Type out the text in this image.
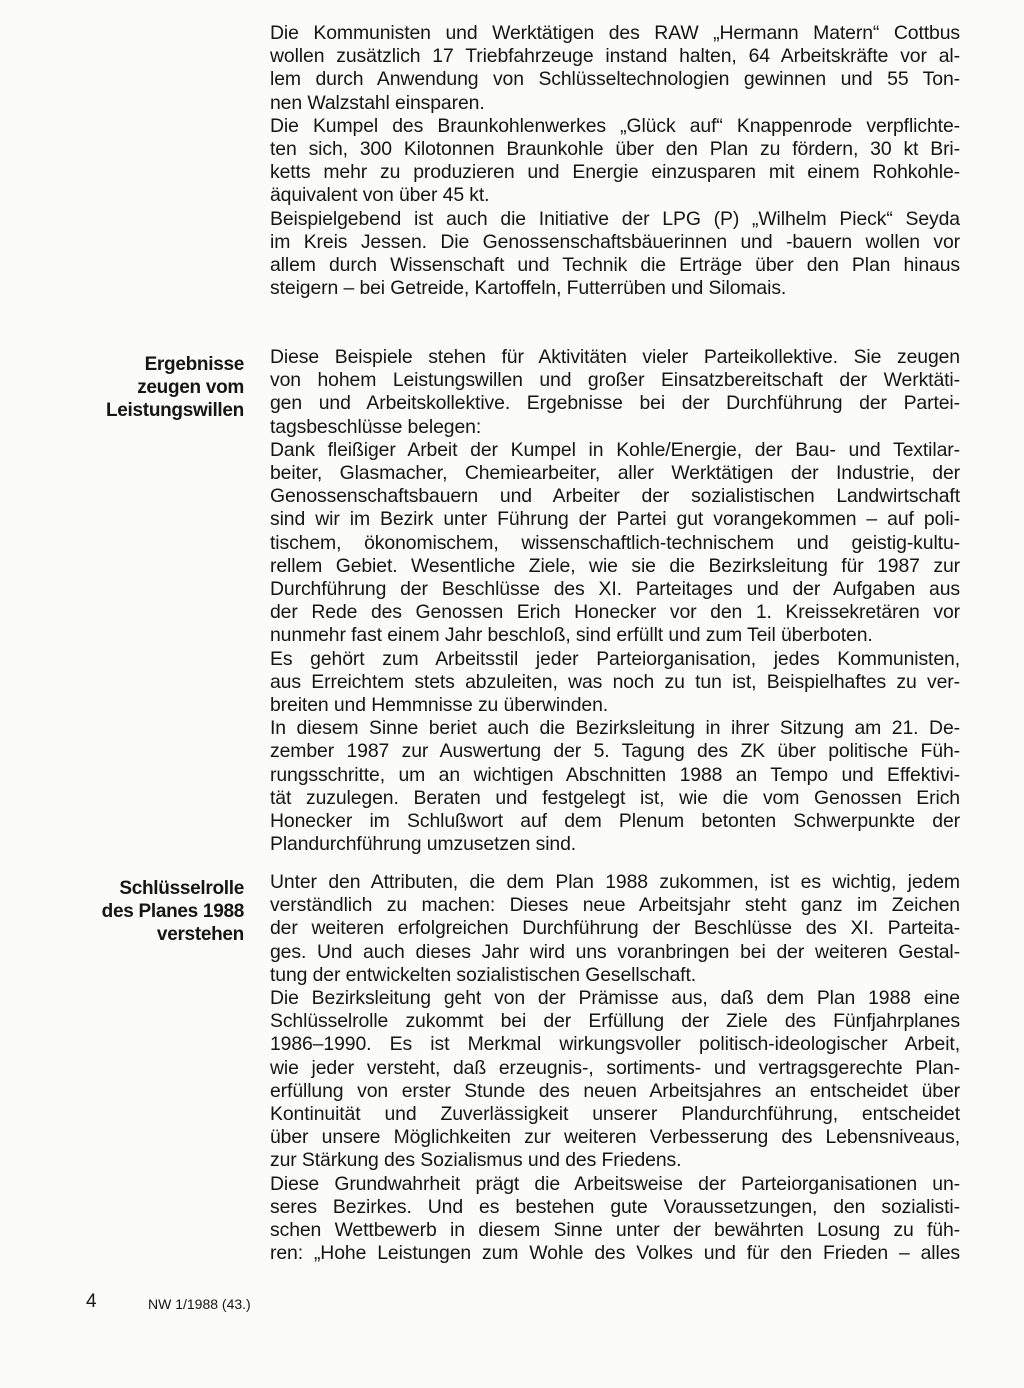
Die Kommunisten und Werktätigen des RAW „Hermann Matern“ Cottbus
wollen zusätzlich 17 Triebfahrzeuge instand halten, 64 Arbeitskräfte vor al-
lem durch Anwendung von Schlüsseltechnologien gewinnen und 55 Ton-
nen Walzstahl einsparen.
Die Kumpel des Braunkohlenwerkes „Glück auf“ Knappenrode verpflichte-
ten sich, 300 Kilotonnen Braunkohle über den Plan zu fördern, 30 kt Bri-
ketts mehr zu produzieren und Energie einzusparen mit einem Rohkohle-
äquivalent von über 45 kt.
Beispielgebend ist auch die Initiative der LPG (P) „Wilhelm Pieck“ Seyda
im Kreis Jessen. Die Genossenschaftsbäuerinnen und -bauern wollen vor
allem durch Wissenschaft und Technik die Erträge über den Plan hinaus
steigern – bei Getreide, Kartoffeln, Futterrüben und Silomais.
Ergebnisse
zeugen vom
Leistungswillen
Diese Beispiele stehen für Aktivitäten vieler Parteikollektive. Sie zeugen
von hohem Leistungswillen und großer Einsatzbereitschaft der Werktäti-
gen und Arbeitskollektive. Ergebnisse bei der Durchführung der Partei-
tagsbeschlüsse belegen:
Dank fleißiger Arbeit der Kumpel in Kohle/Energie, der Bau- und Textilar-
beiter, Glasmacher, Chemiearbeiter, aller Werktätigen der Industrie, der
Genossenschaftsbauern und Arbeiter der sozialistischen Landwirtschaft
sind wir im Bezirk unter Führung der Partei gut vorangekommen – auf poli-
tischem, ökonomischem, wissenschaftlich-technischem und geistig-kultu-
rellem Gebiet. Wesentliche Ziele, wie sie die Bezirksleitung für 1987 zur
Durchführung der Beschlüsse des XI. Parteitages und der Aufgaben aus
der Rede des Genossen Erich Honecker vor den 1. Kreissekretären vor
nunmehr fast einem Jahr beschloß, sind erfüllt und zum Teil überboten.
Es gehört zum Arbeitsstil jeder Parteiorganisation, jedes Kommunisten,
aus Erreichtem stets abzuleiten, was noch zu tun ist, Beispielhaftes zu ver-
breiten und Hemmnisse zu überwinden.
In diesem Sinne beriet auch die Bezirksleitung in ihrer Sitzung am 21. De-
zember 1987 zur Auswertung der 5. Tagung des ZK über politische Füh-
rungsschritte, um an wichtigen Abschnitten 1988 an Tempo und Effektivi-
tät zuzulegen. Beraten und festgelegt ist, wie die vom Genossen Erich
Honecker im Schlußwort auf dem Plenum betonten Schwerpunkte der
Plandurchführung umzusetzen sind.
Schlüsselrolle
des Planes 1988
verstehen
Unter den Attributen, die dem Plan 1988 zukommen, ist es wichtig, jedem
verständlich zu machen: Dieses neue Arbeitsjahr steht ganz im Zeichen
der weiteren erfolgreichen Durchführung der Beschlüsse des XI. Parteita-
ges. Und auch dieses Jahr wird uns voranbringen bei der weiteren Gestal-
tung der entwickelten sozialistischen Gesellschaft.
Die Bezirksleitung geht von der Prämisse aus, daß dem Plan 1988 eine
Schlüsselrolle zukommt bei der Erfüllung der Ziele des Fünfjahrplanes
1986–1990. Es ist Merkmal wirkungsvoller politisch-ideologischer Arbeit,
wie jeder versteht, daß erzeugnis-, sortiments- und vertragsgerechte Plan-
erfüllung von erster Stunde des neuen Arbeitsjahres an entscheidet über
Kontinuität und Zuverlässigkeit unserer Plandurchführung, entscheidet
über unsere Möglichkeiten zur weiteren Verbesserung des Lebensniveaus,
zur Stärkung des Sozialismus und des Friedens.
Diese Grundwahrheit prägt die Arbeitsweise der Parteiorganisationen un-
seres Bezirkes. Und es bestehen gute Voraussetzungen, den sozialisti-
schen Wettbewerb in diesem Sinne unter der bewährten Losung zu füh-
ren: „Hohe Leistungen zum Wohle des Volkes und für den Frieden – alles
4	NW 1/1988 (43.)
